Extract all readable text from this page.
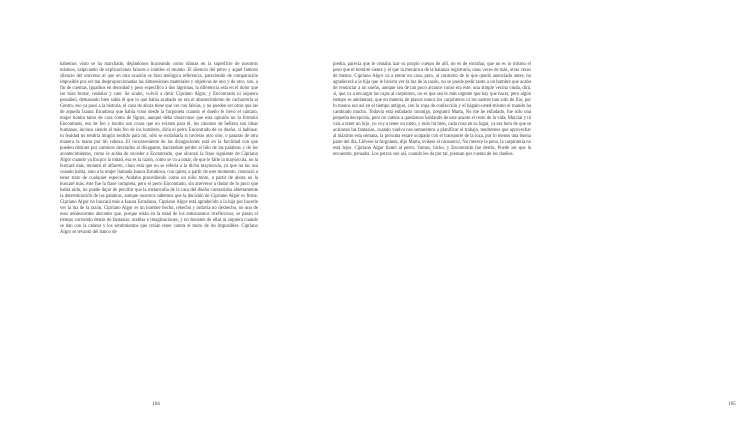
habemos visto se ha marchado, dejándonos braceando como idiotas en la superficie de nosotros mismos, salpicando de explicaciones falaces e inútiles el mundo. El silencio del perro y aquel famoso silencio del universo al que en otra ocasión se hizo teológica referencia, pareciendo de comparación imposible por ser tan desproporcionadas las dimensiones materiales y objetivas de uno y de otro, son, a fin de cuentas, igualitos en densidad y peso específico a dos lágrimas, la diferencia está en el dolor que las hizo brotar, resbalar y caer. Se acabó, volvió a decir Cipriano Algor, y Encontrado ni siquiera pestañeó, demasiado bien sabía él que lo que había acabado no era el abastecimiento de cacharrería al Centro, eso ya pasó a la historia, el caso de ahora tiene que ver con falsías, y no pueden ser otras que las de aquella Isaura Estudiosa que había visto desde la furgoneta cuando el dueño le llevó el cántaro, mujer bonita tanto de cara como de figura, aunque deba observarse que esta opinión no la formuló Encontrado, eso de feo y bonito son cosas que no existen para él, los cánones de belleza son ideas humanas, incluso siendo él más feo de los hombres, diría el perro Encontrado de su dueño, si hablase, tu fealdad no tendría ningún sentido para mí, sólo se extrañaría si tuvieras otro olor, o pasaras de otra manera la mano por mi cabeza. El inconveniente de las divagaciones está en la facilidad con que pueden distraer por caminos desviados al divagante, haciéndole perder el hilo de las palabras y de los acontecimientos, como le acaba de suceder a Encontrado, que alcanzó la frase siguiente de Cipriano Algor cuando ya iba por la mitad, ésa es la razón, como se va a notar, de que le falte la mayúscula, no la buscará más, renuntó el alfarero, claro está que no se refería a la dicha mayúscula, ya que no las usa cuando habla, sino a la mujer llamada Isaura Estudiosa, con quien, a partir de este momento, renunció a tener trato de cualquier especie, Andaba procediendo como un niño tonto, a partir de ahora no la buscaré más, éste fue la frase completa, pero el perro Encontrado, sin atreverse a dudar de lo poco que había oído, no puede dejar de percibir que la melancolía de la cara del dueño contrariaba abiertamente la determinación de las palabras, aunque nosotros sabemos que la decisión de Cipriano Algor es firme, Cipriano Algor no buscará más a Isaura Estudiosa, Cipriano Algor está agradecido a la hija por hacerle ver la luz de la razón, Cipriano Algor es un hombre hecho, rehecho y todavía no deshecho, no uno de esos adolescentes alocados que, porque están en la edad de los entusiasmos irreflexivos, se pasan el tiempo corriendo detrás de fantasías, nieblas e imaginaciones, y no desisten de ellas ni siquiera cuando se dan con la cabeza y los sentimientos que creían tener contra el muro de los imposibles. Cipriano Algor se levantó del banco de
104
piedra, parecía que le costaba izar su propio cuerpo de allí, no es de extrañar, que no es lo mismo el peso que el hombre siente y el que la mecánica de la balanza registraría, unas veces de más, otras veces de menos. Cipriano Algor va a entrar en casa, pero, al contrario de lo que quedó anunciado antes, no agradecerá a la hija que le hiciera ver la luz de la razón, no se puede pedir tanto a un hombre que acaba de renunciar a un sueño, aunque sea de tan poco alcance como era éste, una simple vecina viuda, dirá, sí, que va a encargar las cajas al carpintero, no es que sea lo más urgente que hay que hacer, pero algún tiempo se adelantará, que en materia de plazos nunca los carpinteros ni los sastres han sido de fiar, por lo menos era así en el tiempo antiguo, con la ropa de confección y el hágalo-usted-mismo el mundo ha cambiado mucho. Todavía está enfadado conmigo, preguntó Marta, No me he enfadado, fue sólo una pequeña decepción, pero no vamos a quedarnos hablando de este asunto el resto de la vida, Marcial y tú vais a tener un hijo, yo voy a tener un nieto, y todo irá bien, cada cosa en su lugar, ya era hora de que se acabaran las fantasías, cuando vuelva nos sentaremos a planificar el trabajo, tendremos que aprovechar al máximo esta semana, la próxima estaré ocupado con el transporte de la loza, por lo menos una buena parte del día, Llévese la furgoneta, dijo Marta, evítese el cansancio, No merece la pena, la carpintería no está lejos. Cipriano Algor llamó al perro, Vamos, bicho, y Encontrado fue detrás, Puede ser que la encuentre, pensaba. Los perros son así, cuando les da por tal, piensan por cuenta de los dueños.
105
